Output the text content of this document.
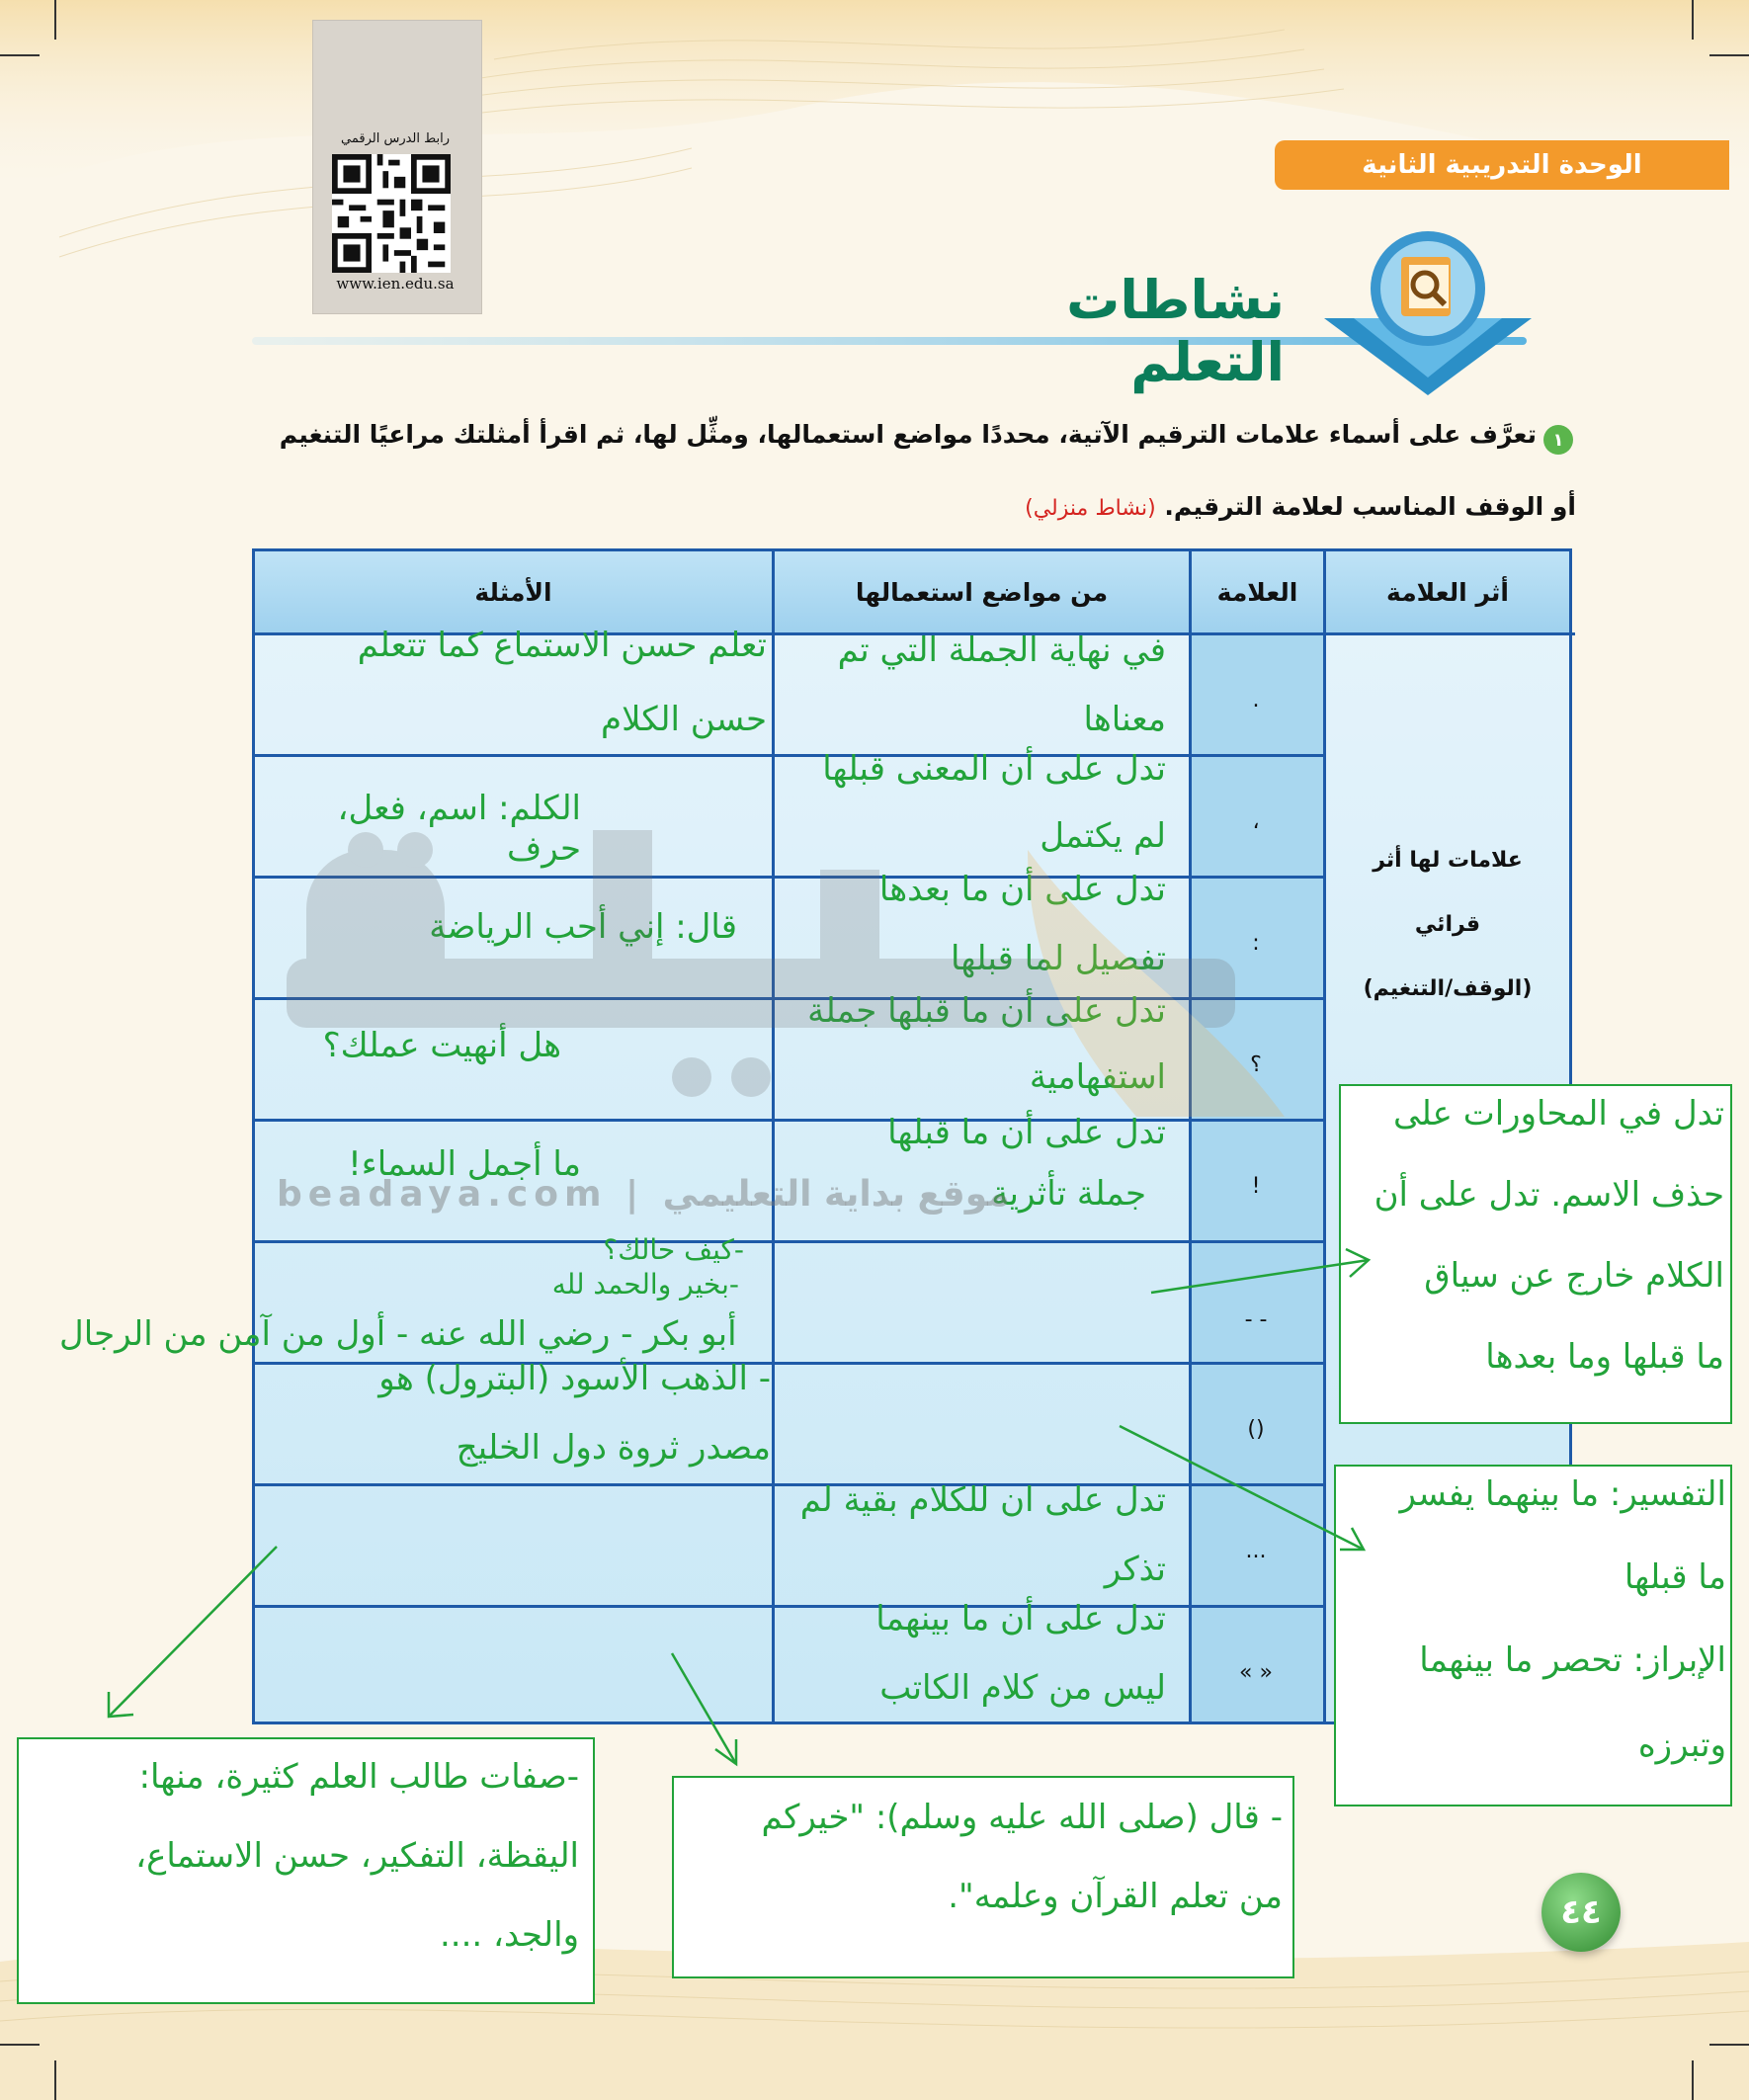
الوحدة التدريبية الثانية
رابط الدرس الرقمي
www.ien.edu.sa	نشاطات التعلم
١
تعرَّف على أسماء علامات الترقيم الآتية، محددًا مواضع استعمالها، ومثِّل لها، ثم اقرأ أمثلتك مراعيًا التنغيم
أو الوقف المناسب لعلامة الترقيم. (نشاط منزلي)
أثر العلامة
العلامة
من مواضع استعمالها
الأمثلة
علامات لها أثر
قرائي
(الوقف/التنغيم)
.
،
:
؟
!
- -
()
...
« »
في نهاية الجملة التي تم
معناها
تدل على أن المعنى قبلها
لم يكتمل
تدل على أن ما بعدها
تفصيل لما قبلها
تدل على أن ما قبلها جملة
استفهامية
تدل على أن ما قبلها
جملة تأثرية
تدل على ان للكلام بقية لم
تذكر
تدل على أن ما بينهما
ليس من كلام الكاتب
تعلم حسن الاستماع كما تتعلم
حسن الكلام
الكلم: اسم، فعل، حرف
قال: إني أحب الرياضة
هل أنهيت عملك؟
ما أجمل السماء!
-كيف حالك؟
-بخير والحمد لله
beadaya.com | موقع بداية التعليمي
أبو بكر - رضي الله عنه - أول من آمن من الرجال
- الذهب الأسود (البترول) هو
مصدر ثروة دول الخليج
تدل في المحاورات على
حذف الاسم. تدل على أن
الكلام خارج عن سياق
ما قبلها وما بعدها
التفسير: ما بينهما يفسر
ما قبلها
الإبراز: تحصر ما بينهما
وتبرزه
-صفات طالب العلم كثيرة، منها:
اليقظة، التفكير، حسن الاستماع،
والجد، ....
- قال (صلى الله عليه وسلم): "خيركم
من تعلم القرآن وعلمه".	٤٤
